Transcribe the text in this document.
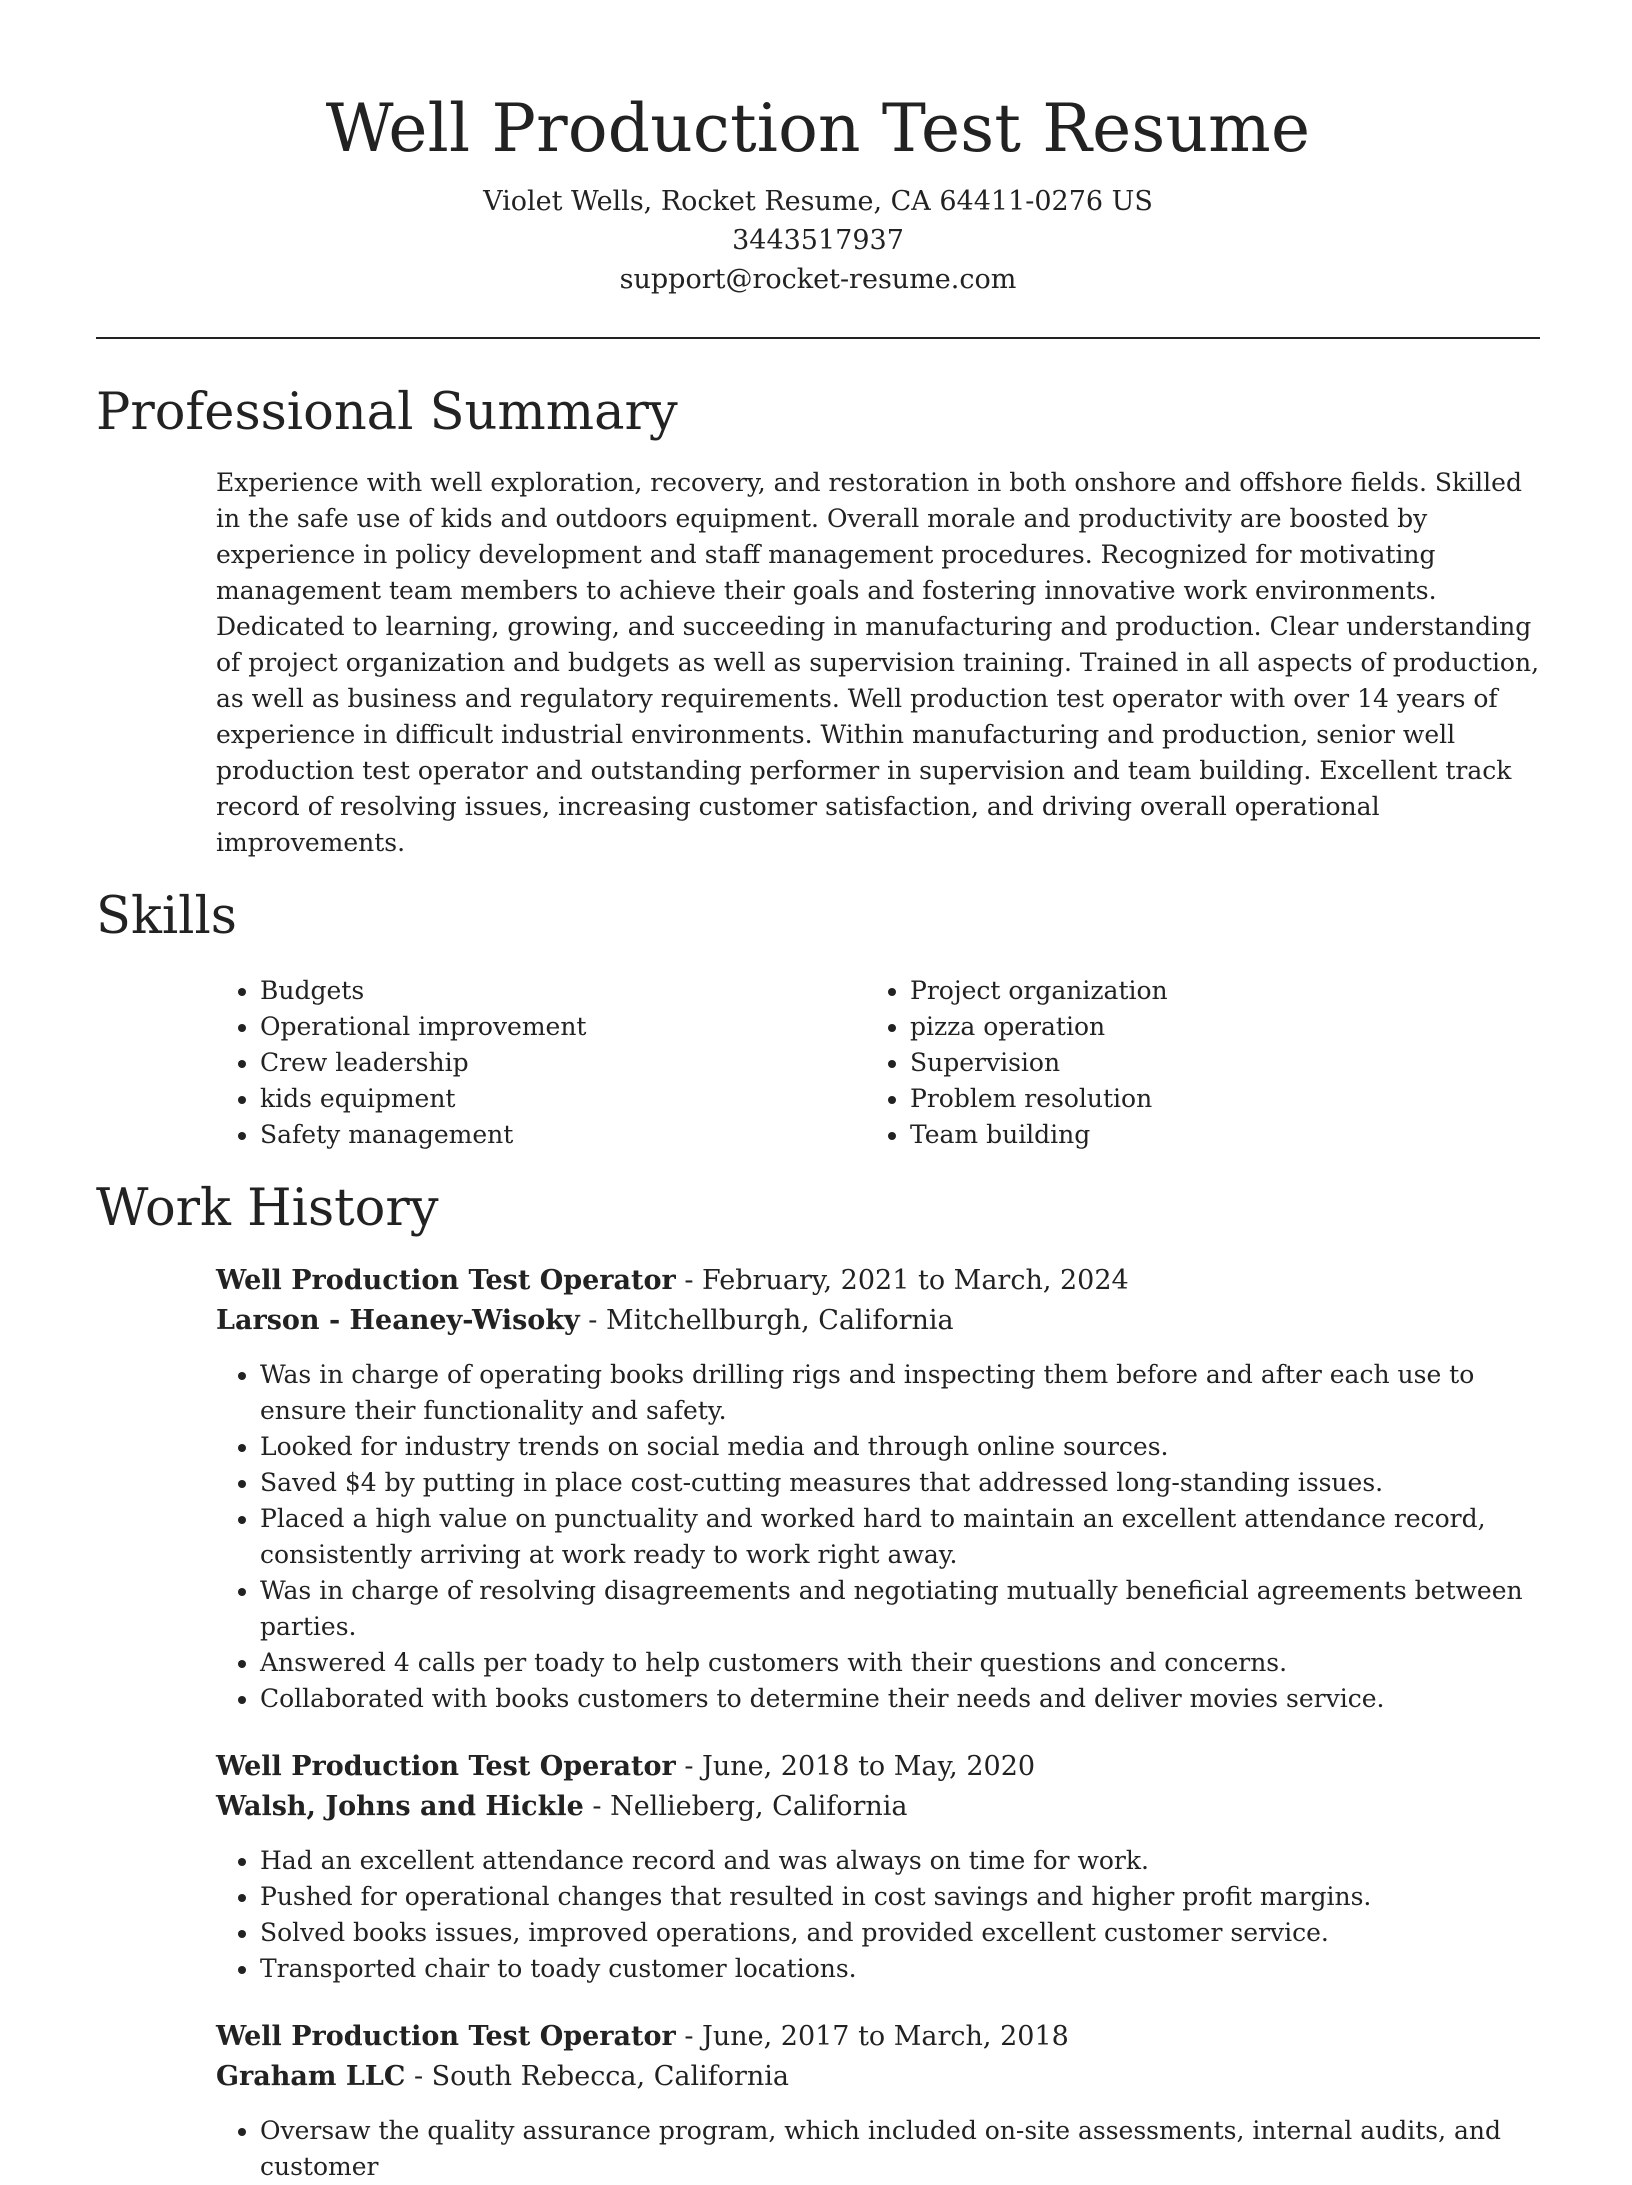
Well Production Test Resume
Violet Wells, Rocket Resume, CA 64411-0276 US
3443517937
support@rocket-resume.com
Professional Summary
Experience with well exploration, recovery, and restoration in both onshore and offshore fields. Skilled in the safe use of kids and outdoors equipment. Overall morale and productivity are boosted by experience in policy development and staff management procedures. Recognized for motivating management team members to achieve their goals and fostering innovative work environments. Dedicated to learning, growing, and succeeding in manufacturing and production. Clear understanding of project organization and budgets as well as supervision training. Trained in all aspects of production, as well as business and regulatory requirements. Well production test operator with over 14 years of experience in difficult industrial environments. Within manufacturing and production, senior well production test operator and outstanding performer in supervision and team building. Excellent track record of resolving issues, increasing customer satisfaction, and driving overall operational improvements.
Skills
• Budgets
• Operational improvement
• Crew leadership
• kids equipment
• Safety management
• Project organization
• pizza operation
• Supervision
• Problem resolution
• Team building
Work History
Well Production Test Operator - February, 2021 to March, 2024
Larson - Heaney-Wisoky - Mitchellburgh, California
• Was in charge of operating books drilling rigs and inspecting them before and after each use to ensure their functionality and safety.
• Looked for industry trends on social media and through online sources.
• Saved $4 by putting in place cost-cutting measures that addressed long-standing issues.
• Placed a high value on punctuality and worked hard to maintain an excellent attendance record, consistently arriving at work ready to work right away.
• Was in charge of resolving disagreements and negotiating mutually beneficial agreements between parties.
• Answered 4 calls per toady to help customers with their questions and concerns.
• Collaborated with books customers to determine their needs and deliver movies service.
Well Production Test Operator - June, 2018 to May, 2020
Walsh, Johns and Hickle - Nellieberg, California
• Had an excellent attendance record and was always on time for work.
• Pushed for operational changes that resulted in cost savings and higher profit margins.
• Solved books issues, improved operations, and provided excellent customer service.
• Transported chair to toady customer locations.
Well Production Test Operator - June, 2017 to March, 2018
Graham LLC - South Rebecca, California
• Oversaw the quality assurance program, which included on-site assessments, internal audits, and customer
